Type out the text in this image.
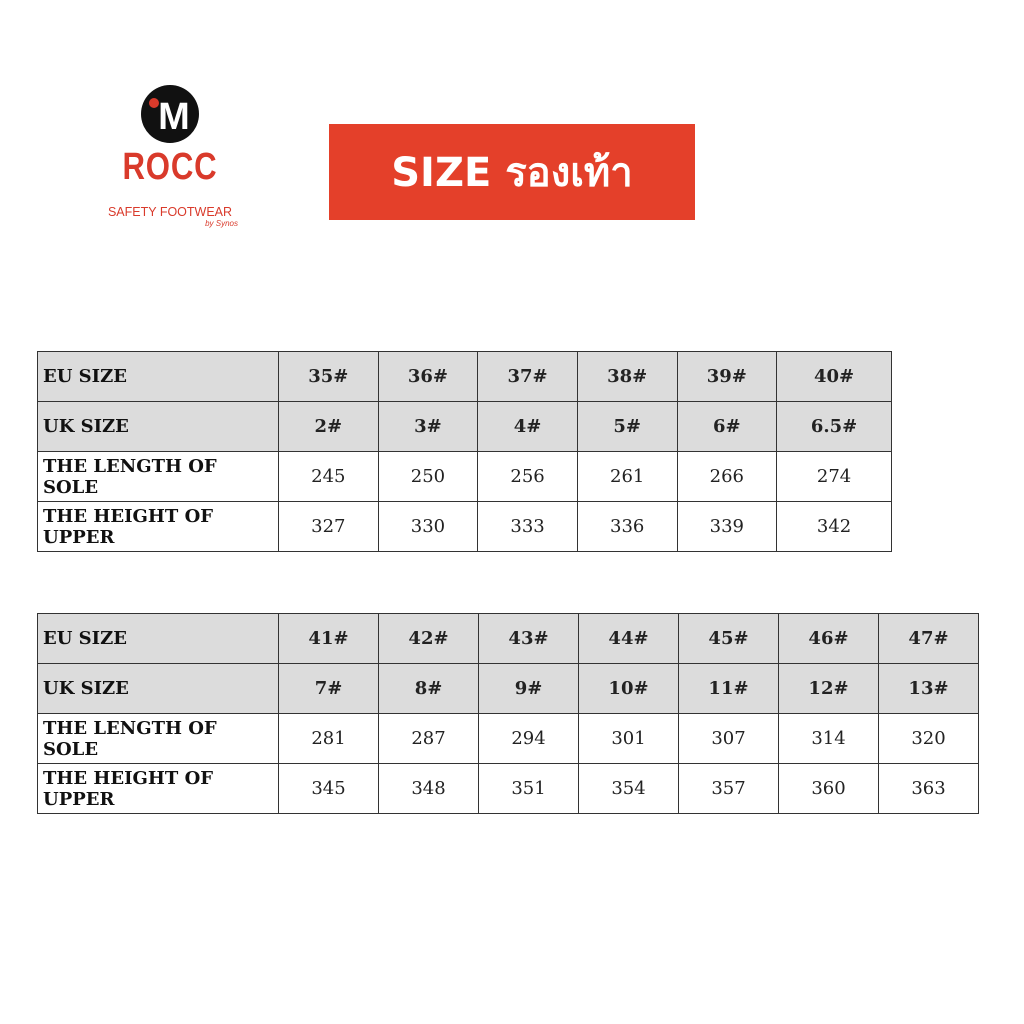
M
ROCC
SAFETY FOOTWEAR
by Synos
SIZE รองเท้า
EU SIZE	35#	36#	37#	38#	39#	40#
UK SIZE	2#	3#	4#	5#	6#	6.5#
THE LENGTH OF SOLE	245	250	256	261	266	274
THE HEIGHT OF UPPER	327	330	333	336	339	342
EU SIZE	41#	42#	43#	44#	45#	46#	47#
UK SIZE	7#	8#	9#	10#	11#	12#	13#
THE LENGTH OF SOLE	281	287	294	301	307	314	320
THE HEIGHT OF UPPER	345	348	351	354	357	360	363
